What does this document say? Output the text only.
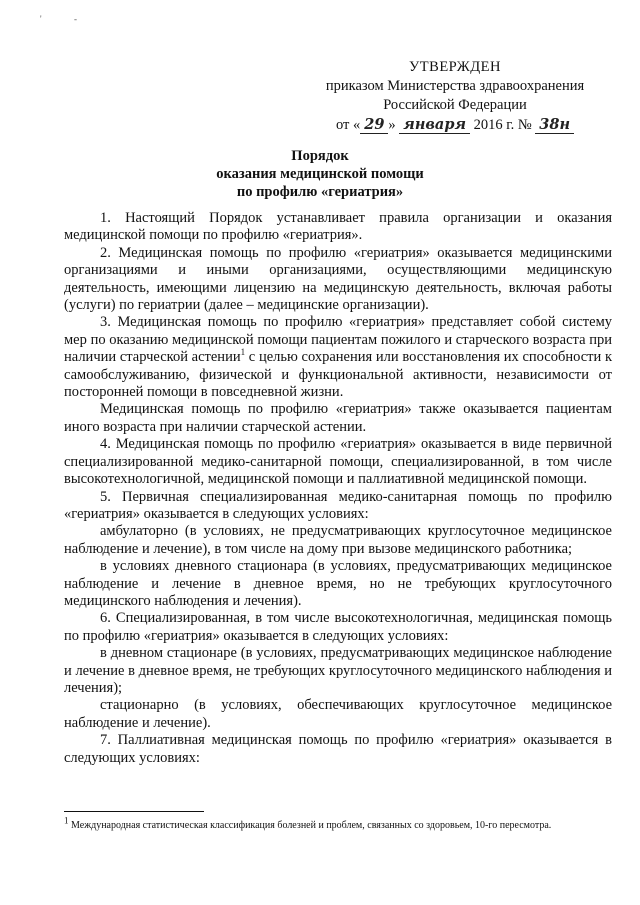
'	-
УТВЕРЖДЕН
приказом Министерства здравоохранения
Российской Федерации
от « 29 » января 2016 г. № 38н
Порядок
оказания медицинской помощи
по профилю «гериатрия»

1. Настоящий Порядок устанавливает правила организации и оказания медицинской помощи по профилю «гериатрия».

2. Медицинская помощь по профилю «гериатрия» оказывается медицинскими организациями и иными организациями, осуществляющими медицинскую деятельность, имеющими лицензию на медицинскую деятельность, включая работы (услуги) по гериатрии (далее – медицинские организации).

3. Медицинская помощь по профилю «гериатрия» представляет собой систему мер по оказанию медицинской помощи пациентам пожилого и старческого возраста при наличии старческой астении$^1$ с целью сохранения или восстановления их способности к самообслуживанию, физической и функциональной активности, независимости от посторонней помощи в повседневной жизни.

Медицинская помощь по профилю «гериатрия» также оказывается пациентам иного возраста при наличии старческой астении.

4. Медицинская помощь по профилю «гериатрия» оказывается в виде первичной специализированной медико-санитарной помощи, специализированной, в том числе высокотехнологичной, медицинской помощи и паллиативной медицинской помощи.

5. Первичная специализированная медико-санитарная помощь по профилю «гериатрия» оказывается в следующих условиях:

амбулаторно (в условиях, не предусматривающих круглосуточное медицинское наблюдение и лечение), в том числе на дому при вызове медицинского работника;

в условиях дневного стационара (в условиях, предусматривающих медицинское наблюдение и лечение в дневное время, но не требующих круглосуточного медицинского наблюдения и лечения).

6. Специализированная, в том числе высокотехнологичная, медицинская помощь по профилю «гериатрия» оказывается в следующих условиях:

в дневном стационаре (в условиях, предусматривающих медицинское наблюдение и лечение в дневное время, не требующих круглосуточного медицинского наблюдения и лечения);

стационарно (в условиях, обеспечивающих круглосуточное медицинское наблюдение и лечение).

7. Паллиативная медицинская помощь по профилю «гериатрия» оказывается в следующих условиях:

$^1$ Международная статистическая классификация болезней и проблем, связанных со здоровьем, 10-го пересмотра.
